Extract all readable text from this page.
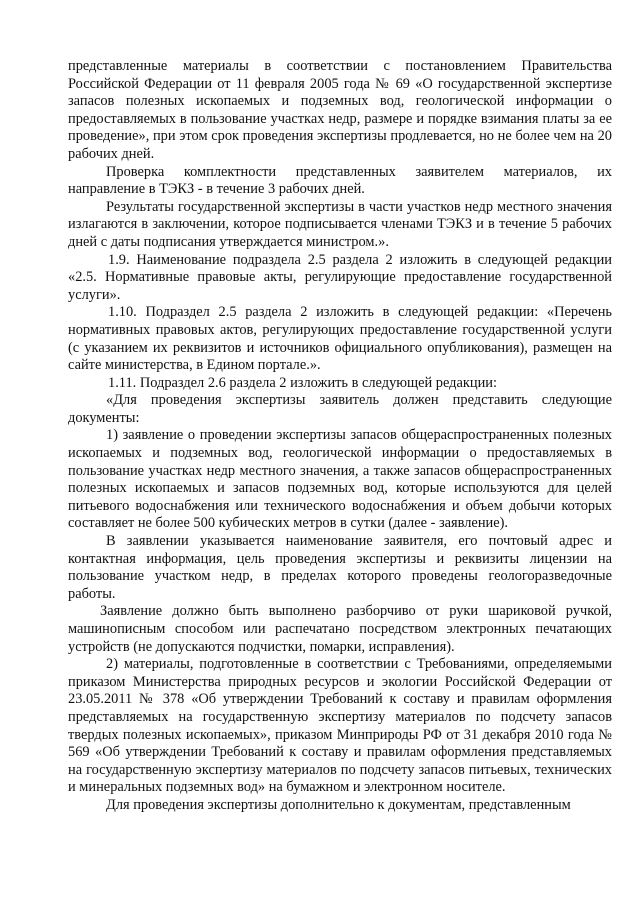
представленные материалы в соответствии с постановлением Правительства Российской Федерации от 11 февраля 2005 года № 69 «О государственной экспертизе запасов полезных ископаемых и подземных вод, геологической информации о предоставляемых в пользование участках недр, размере и порядке взимания платы за ее проведение», при этом срок проведения экспертизы продлевается, но не более чем на 20 рабочих дней.

Проверка комплектности представленных заявителем материалов, их направление в ТЭКЗ - в течение 3 рабочих дней.

Результаты государственной экспертизы в части участков недр местного значения излагаются в заключении, которое подписывается членами ТЭКЗ и в течение 5 рабочих дней с даты подписания утверждается министром.».

1.9. Наименование подраздела 2.5 раздела 2 изложить в следующей редакции «2.5. Нормативные правовые акты, регулирующие предоставление государственной услуги».

1.10. Подраздел 2.5 раздела 2 изложить в следующей редакции: «Перечень нормативных правовых актов, регулирующих предоставление государственной услуги (с указанием их реквизитов и источников официального опубликования), размещен на сайте министерства, в Едином портале.».

1.11. Подраздел 2.6 раздела 2 изложить в следующей редакции:

«Для проведения экспертизы заявитель должен представить следующие документы:

1) заявление о проведении экспертизы запасов общераспространенных полезных ископаемых и подземных вод, геологической информации о предоставляемых в пользование участках недр местного значения, а также запасов общераспространенных полезных ископаемых и запасов подземных вод, которые используются для целей питьевого водоснабжения или технического водоснабжения и объем добычи которых составляет не более 500 кубических метров в сутки (далее - заявление).

В заявлении указывается наименование заявителя, его почтовый адрес и контактная информация, цель проведения экспертизы и реквизиты лицензии на пользование участком недр, в пределах которого проведены геологоразведочные работы.

Заявление должно быть выполнено разборчиво от руки шариковой ручкой, машинописным способом или распечатано посредством электронных печатающих устройств (не допускаются подчистки, помарки, исправления).

2) материалы, подготовленные в соответствии с Требованиями, определяемыми приказом Министерства природных ресурсов и экологии Российской Федерации от 23.05.2011 № 378 «Об утверждении Требований к составу и правилам оформления представляемых на государственную экспертизу материалов по подсчету запасов твердых полезных ископаемых», приказом Минприроды РФ от 31 декабря 2010 года № 569 «Об утверждении Требований к составу и правилам оформления представляемых на государственную экспертизу материалов по подсчету запасов питьевых, технических и минеральных подземных вод» на бумажном и электронном носителе.

Для проведения экспертизы дополнительно к документам, представленным
